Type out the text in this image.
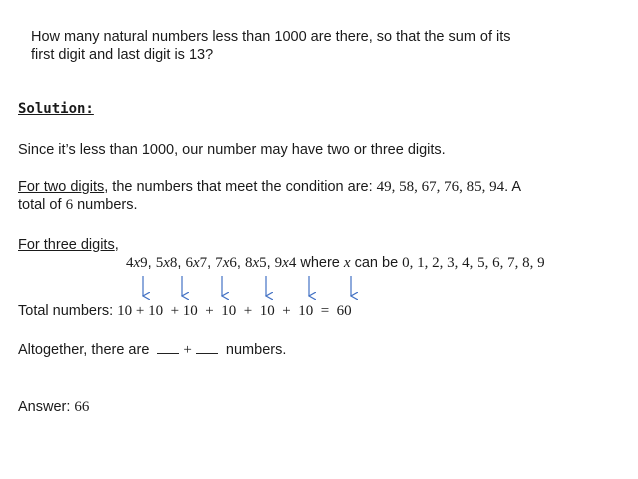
How many natural numbers less than 1000 are there, so that the sum of its
first digit and last digit is 13?
Solution:
Since it’s less than 1000, our number may have two or three digits.
For two digits, the numbers that meet the condition are: 49, 58, 67, 76, 85, 94. A
total of 6 numbers.
For three digits,
4x9, 5x8, 6x7, 7x6, 8x5, 9x4 where x can be 0, 1, 2, 3, 4, 5, 6, 7, 8, 9
Total numbers: 10 + 10  + 10  +  10  +  10  +  10  =  60
Altogether, there are + numbers.
Answer: 66
